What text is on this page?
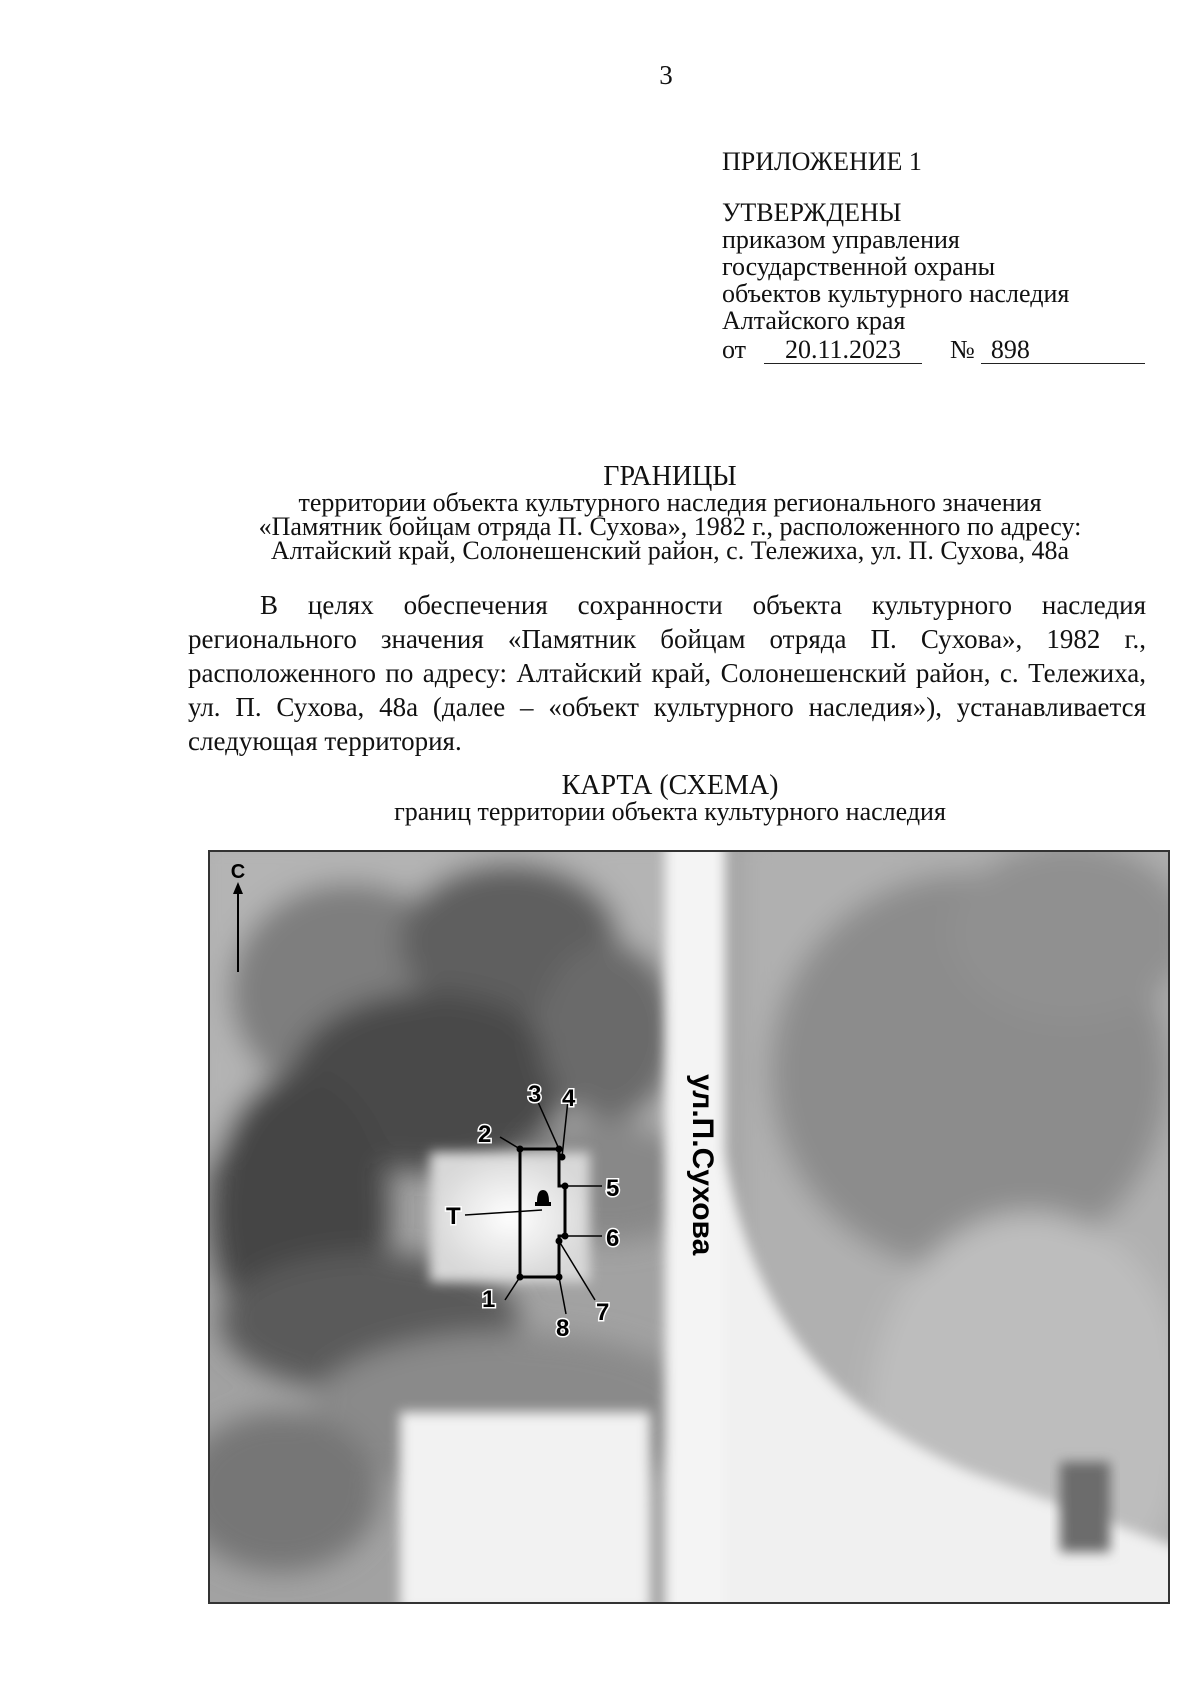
3
ПРИЛОЖЕНИЕ 1
УТВЕРЖДЕНЫ
приказом управления
государственной охраны
объектов культурного наследия
Алтайского края
от 20.11.2023 № 898
ГРАНИЦЫ
территории объекта культурного наследия регионального значения
«Памятник бойцам отряда П. Сухова», 1982 г., расположенного по адресу:
Алтайский край, Солонешенский район, с. Тележиха, ул. П. Сухова, 48а
В целях обеспечения сохранности объекта культурного наследия регионального значения «Памятник бойцам отряда П. Сухова», 1982 г., расположенного по адресу: Алтайский край, Солонешенский район, с. Тележиха, ул. П. Сухова, 48а (далее – «объект культурного наследия»), устанавливается следующая территория.
КАРТА (СХЕМА)
границ территории объекта культурного наследия
С
ул.П.Сухова
1
2
3 4
5
6
7
8
Т
